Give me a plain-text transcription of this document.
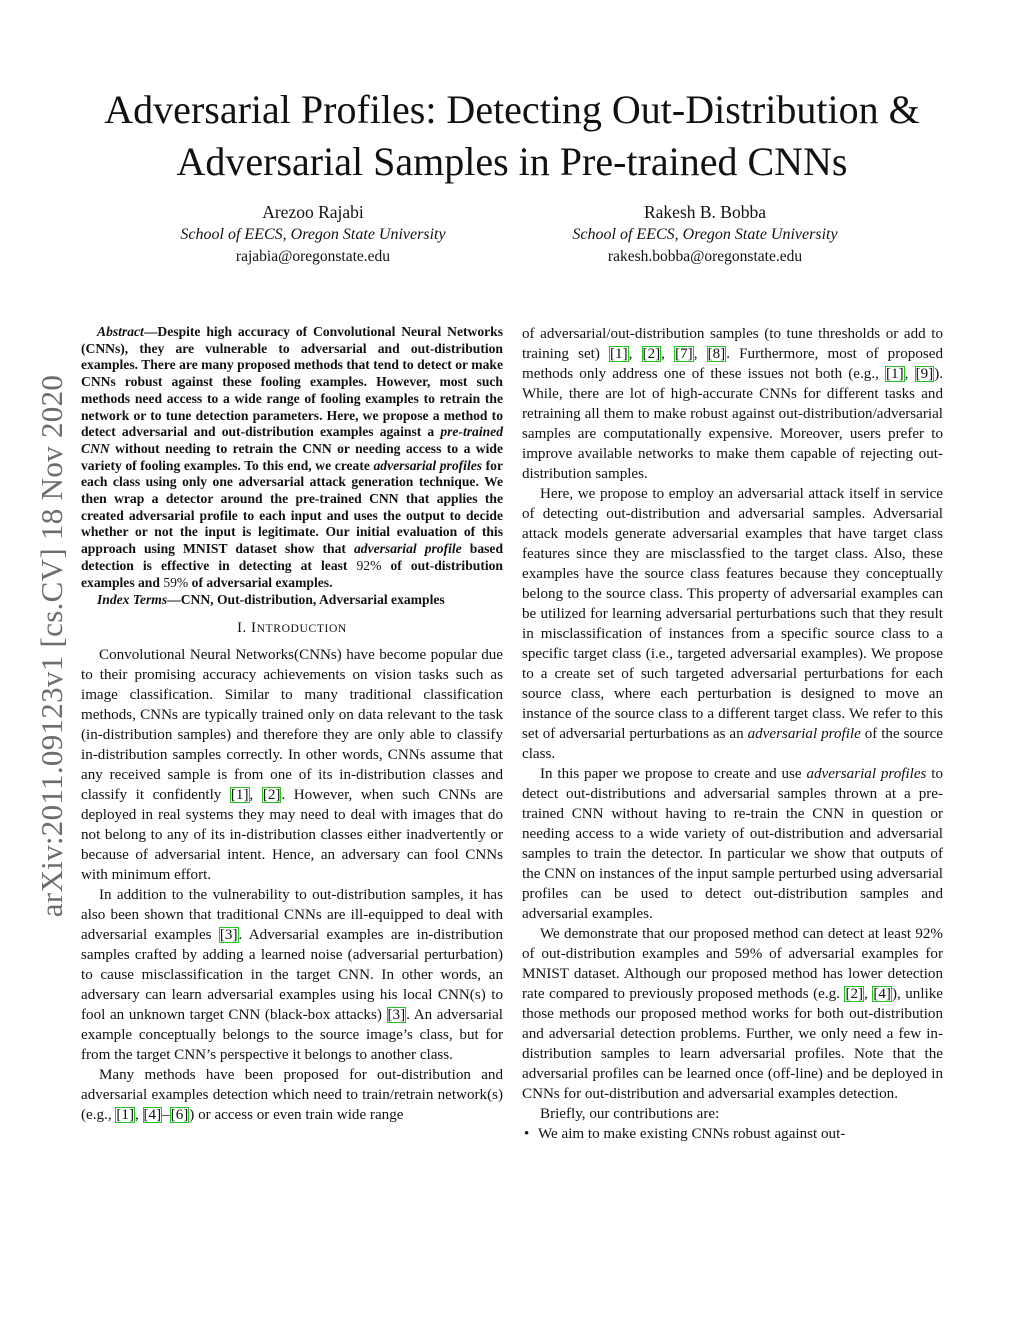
arXiv:2011.09123v1 [cs.CV] 18 Nov 2020
Adversarial Profiles: Detecting Out-Distribution &
Adversarial Samples in Pre-trained CNNs
Arezoo Rajabi
School of EECS, Oregon State University
rajabia@oregonstate.edu
Rakesh B. Bobba
School of EECS, Oregon State University
rakesh.bobba@oregonstate.edu

Abstract—Despite high accuracy of Convolutional Neural Networks (CNNs), they are vulnerable to adversarial and out-distribution examples. There are many proposed methods that tend to detect or make CNNs robust against these fooling examples. However, most such methods need access to a wide range of fooling examples to retrain the network or to tune detection parameters. Here, we propose a method to detect adversarial and out-distribution examples against a pre-trained CNN without needing to retrain the CNN or needing access to a wide variety of fooling examples. To this end, we create adversarial profiles for each class using only one adversarial attack generation technique. We then wrap a detector around the pre-trained CNN that applies the created adversarial profile to each input and uses the output to decide whether or not the input is legitimate. Our initial evaluation of this approach using MNIST dataset show that adversarial profile based detection is effective in detecting at least 92% of out-distribution examples and 59% of adversarial examples.

Index Terms—CNN, Out-distribution, Adversarial examples

I. INTRODUCTION

Convolutional Neural Networks(CNNs) have become popular due to their promising accuracy achievements on vision tasks such as image classification. Similar to many traditional classification methods, CNNs are typically trained only on data relevant to the task (in-distribution samples) and therefore they are only able to classify in-distribution samples correctly. In other words, CNNs assume that any received sample is from one of its in-distribution classes and classify it confidently [1], [2]. However, when such CNNs are deployed in real systems they may need to deal with images that do not belong to any of its in-distribution classes either inadvertently or because of adversarial intent. Hence, an adversary can fool CNNs with minimum effort.

In addition to the vulnerability to out-distribution samples, it has also been shown that traditional CNNs are ill-equipped to deal with adversarial examples [3]. Adversarial examples are in-distribution samples crafted by adding a learned noise (adversarial perturbation) to cause misclassification in the target CNN. In other words, an adversary can learn adversarial examples using his local CNN(s) to fool an unknown target CNN (black-box attacks) [3]. An adversarial example conceptually belongs to the source image’s class, but for from the target CNN’s perspective it belongs to another class.

Many methods have been proposed for out-distribution and adversarial examples detection which need to train/retrain network(s) (e.g., [1], [4]–[6]) or access or even train wide range

of adversarial/out-distribution samples (to tune thresholds or add to training set) [1], [2], [7], [8]. Furthermore, most of proposed methods only address one of these issues not both (e.g., [1], [9]). While, there are lot of high-accurate CNNs for different tasks and retraining all them to make robust against out-distribution/adversarial samples are computationally expensive. Moreover, users prefer to improve available networks to make them capable of rejecting out-distribution samples.

Here, we propose to employ an adversarial attack itself in service of detecting out-distribution and adversarial samples. Adversarial attack models generate adversarial examples that have target class features since they are misclassfied to the target class. Also, these examples have the source class features because they conceptually belong to the source class. This property of adversarial examples can be utilized for learning adversarial perturbations such that they result in misclassification of instances from a specific source class to a specific target class (i.e., targeted adversarial examples). We propose to a create set of such targeted adversarial perturbations for each source class, where each perturbation is designed to move an instance of the source class to a different target class. We refer to this set of adversarial perturbations as an adversarial profile of the source class.

In this paper we propose to create and use adversarial profiles to detect out-distributions and adversarial samples thrown at a pre-trained CNN without having to re-train the CNN in question or needing access to a wide variety of out-distribution and adversarial samples to train the detector. In particular we show that outputs of the CNN on instances of the input sample perturbed using adversarial profiles can be used to detect out-distribution samples and adversarial examples.

We demonstrate that our proposed method can detect at least 92% of out-distribution examples and 59% of adversarial examples for MNIST dataset. Although our proposed method has lower detection rate compared to previously proposed methods (e.g. [2], [4]), unlike those methods our proposed method works for both out-distribution and adversarial detection problems. Further, we only need a few in-distribution samples to learn adversarial profiles. Note that the adversarial profiles can be learned once (off-line) and be deployed in CNNs for out-distribution and adversarial examples detection.

Briefly, our contributions are:

• We aim to make existing CNNs robust against out-
